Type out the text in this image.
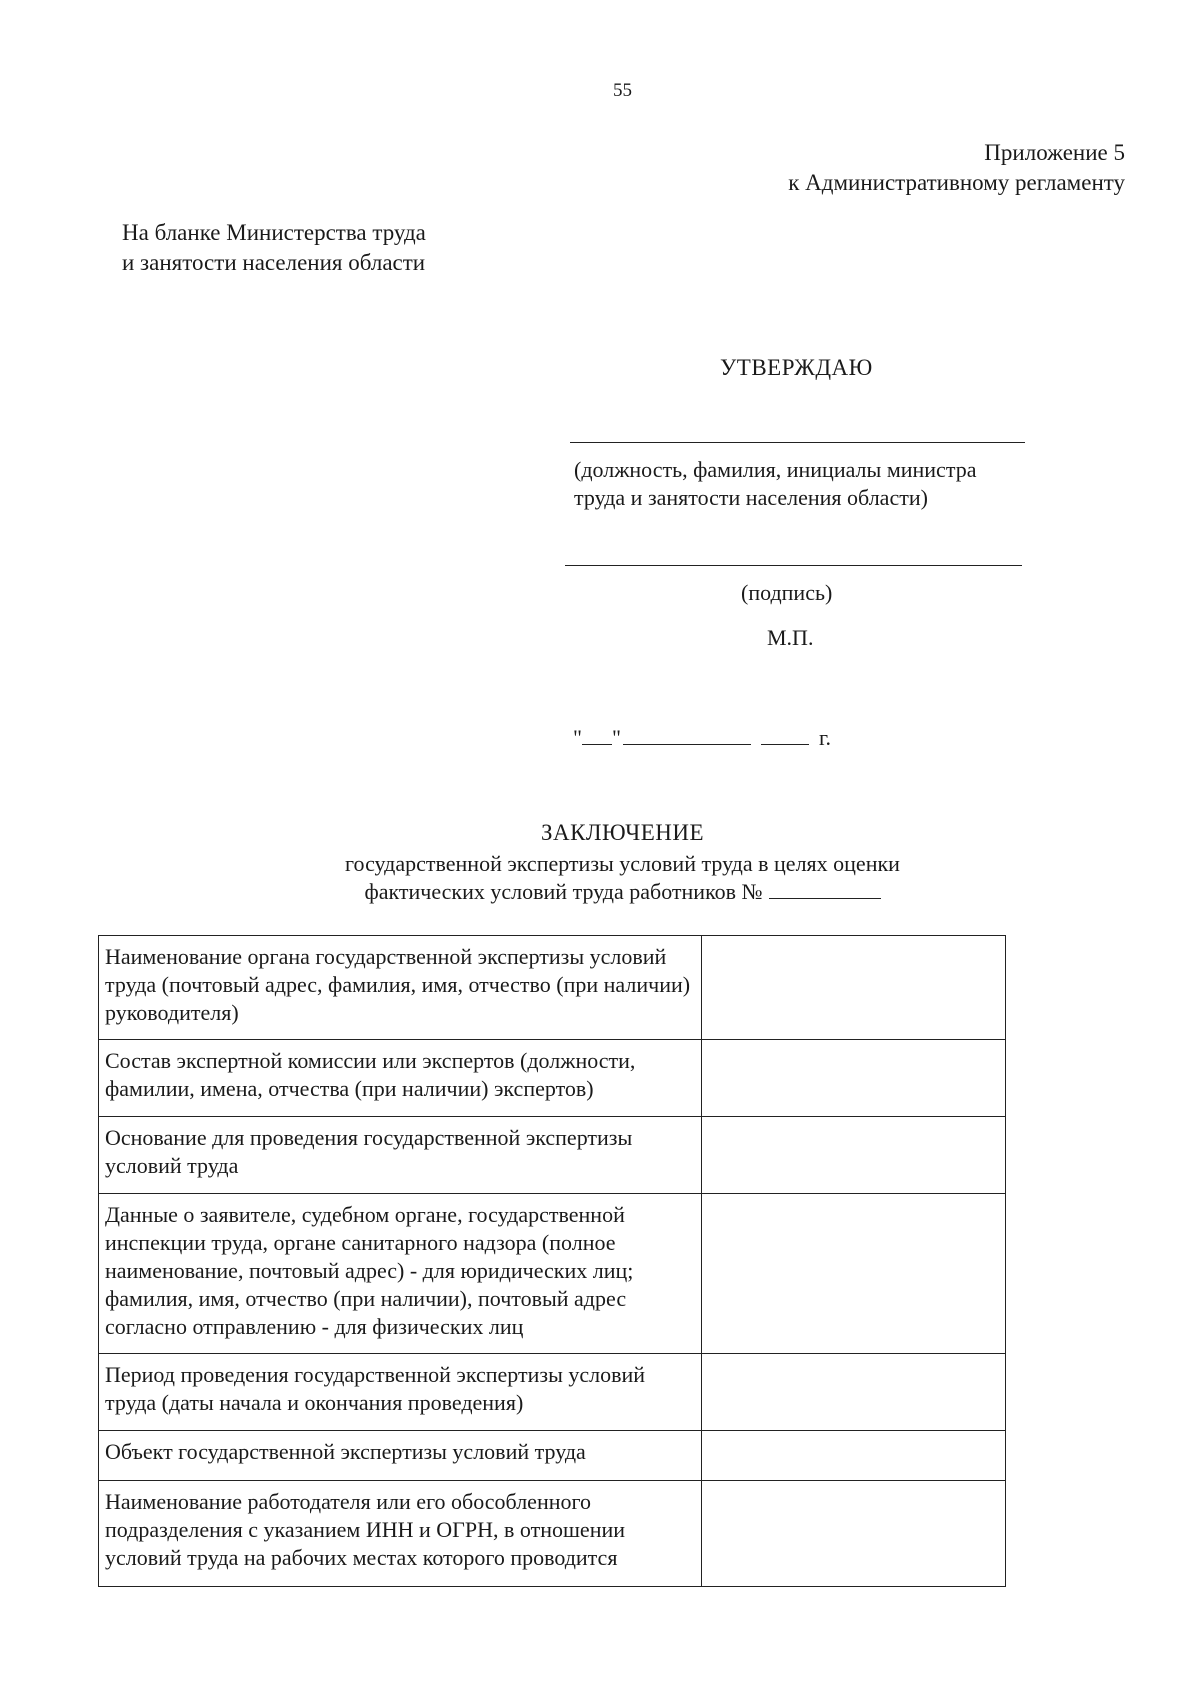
55
Приложение 5
к Административному регламенту
На бланке Министерства труда
и занятости населения области
УТВЕРЖДАЮ
(должность, фамилия, инициалы министра
труда и занятости населения области)
(подпись)
М.П.
" "	г.
ЗАКЛЮЧЕНИЕ
государственной экспертизы условий труда в целях оценки
фактических условий труда работников №
Наименование органа государственной экспертизы условий труда (почтовый адрес, фамилия, имя, отчество (при наличии) руководителя)	
Состав экспертной комиссии или экспертов (должности, фамилии, имена, отчества (при наличии) экспертов)	
Основание для проведения государственной экспертизы условий труда	
Данные о заявителе, судебном органе, государственной инспекции труда, органе санитарного надзора (полное наименование, почтовый адрес) - для юридических лиц; фамилия, имя, отчество (при наличии), почтовый адрес согласно отправлению - для физических лиц	
Период проведения государственной экспертизы условий труда (даты начала и окончания проведения)	
Объект государственной экспертизы условий труда	
Наименование работодателя или его обособленного подразделения с указанием ИНН и ОГРН, в отношении условий труда на рабочих местах которого проводится	
